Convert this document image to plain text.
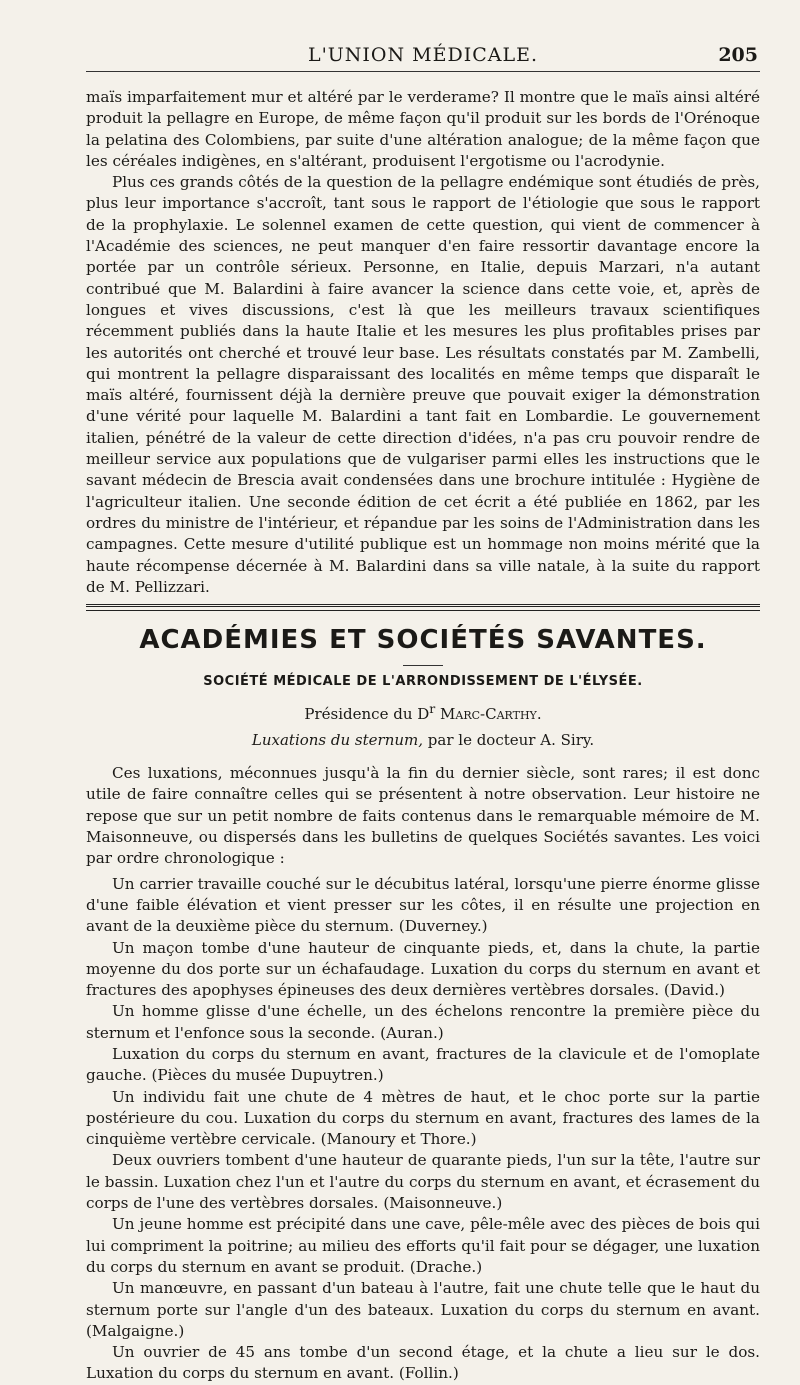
L'UNION MÉDICALE.	205

maïs imparfaitement mur et altéré par le verderame? Il montre que le maïs ainsi altéré produit la pellagre en Europe, de même façon qu'il produit sur les bords de l'Orénoque la pelatina des Colombiens, par suite d'une altération analogue; de la même façon que les céréales indigènes, en s'altérant, produisent l'ergotisme ou l'acrodynie.

Plus ces grands côtés de la question de la pellagre endémique sont étudiés de près, plus leur importance s'accroît, tant sous le rapport de l'étiologie que sous le rapport de la prophylaxie. Le solennel examen de cette question, qui vient de commencer à l'Académie des sciences, ne peut manquer d'en faire ressortir davantage encore la portée par un contrôle sérieux. Personne, en Italie, depuis Marzari, n'a autant contribué que M. Balardini à faire avancer la science dans cette voie, et, après de longues et vives discussions, c'est là que les meilleurs travaux scientifiques récemment publiés dans la haute Italie et les mesures les plus profitables prises par les autorités ont cherché et trouvé leur base. Les résultats constatés par M. Zambelli, qui montrent la pellagre disparaissant des localités en même temps que disparaît le maïs altéré, fournissent déjà la dernière preuve que pouvait exiger la démonstration d'une vérité pour laquelle M. Balardini a tant fait en Lombardie. Le gouvernement italien, pénétré de la valeur de cette direction d'idées, n'a pas cru pouvoir rendre de meilleur service aux populations que de vulgariser parmi elles les instructions que le savant médecin de Brescia avait condensées dans une brochure intitulée : Hygiène de l'agriculteur italien. Une seconde édition de cet écrit a été publiée en 1862, par les ordres du ministre de l'intérieur, et répandue par les soins de l'Administration dans les campagnes. Cette mesure d'utilité publique est un hommage non moins mérité que la haute récompense décernée à M. Balardini dans sa ville natale, à la suite du rapport de M. Pellizzari.

ACADÉMIES ET SOCIÉTÉS SAVANTES.
SOCIÉTÉ MÉDICALE DE L'ARRONDISSEMENT DE L'ÉLYSÉE.
Présidence du $D^r$ Marc-Carthy.
Luxations du sternum, par le docteur A. Siry.

Ces luxations, méconnues jusqu'à la fin du dernier siècle, sont rares; il est donc utile de faire connaître celles qui se présentent à notre observation. Leur histoire ne repose que sur un petit nombre de faits contenus dans le remarquable mémoire de M. Maisonneuve, ou dispersés dans les bulletins de quelques Sociétés savantes. Les voici par ordre chronologique :

Un carrier travaille couché sur le décubitus latéral, lorsqu'une pierre énorme glisse d'une faible élévation et vient presser sur les côtes, il en résulte une projection en avant de la deuxième pièce du sternum. (Duverney.)

Un maçon tombe d'une hauteur de cinquante pieds, et, dans la chute, la partie moyenne du dos porte sur un échafaudage. Luxation du corps du sternum en avant et fractures des apophyses épineuses des deux dernières vertèbres dorsales. (David.)

Un homme glisse d'une échelle, un des échelons rencontre la première pièce du sternum et l'enfonce sous la seconde. (Auran.)

Luxation du corps du sternum en avant, fractures de la clavicule et de l'omoplate gauche. (Pièces du musée Dupuytren.)

Un individu fait une chute de 4 mètres de haut, et le choc porte sur la partie postérieure du cou. Luxation du corps du sternum en avant, fractures des lames de la cinquième vertèbre cervicale. (Manoury et Thore.)

Deux ouvriers tombent d'une hauteur de quarante pieds, l'un sur la tête, l'autre sur le bassin. Luxation chez l'un et l'autre du corps du sternum en avant, et écrasement du corps de l'une des vertèbres dorsales. (Maisonneuve.)

Un jeune homme est précipité dans une cave, pêle-mêle avec des pièces de bois qui lui compriment la poitrine; au milieu des efforts qu'il fait pour se dégager, une luxation du corps du sternum en avant se produit. (Drache.)

Un manœuvre, en passant d'un bateau à l'autre, fait une chute telle que le haut du sternum porte sur l'angle d'un des bateaux. Luxation du corps du sternum en avant. (Malgaigne.)

Un ouvrier de 45 ans tombe d'un second étage, et la chute a lieu sur le dos. Luxation du corps du sternum en avant. (Follin.)
